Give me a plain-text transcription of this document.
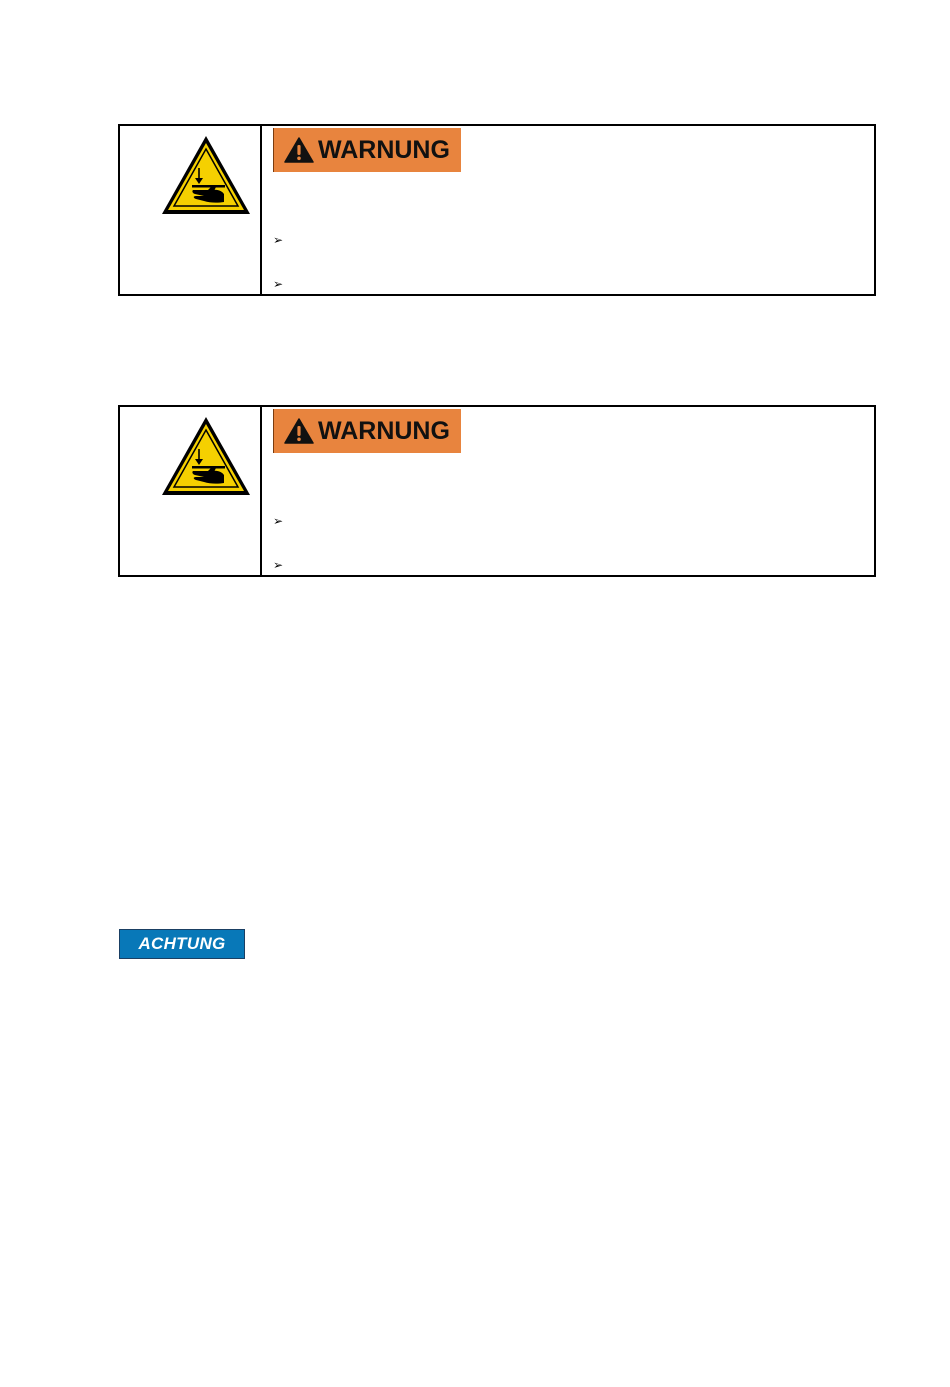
WARNUNG
➢
➢
WARNUNG
➢
➢
ACHTUNG
